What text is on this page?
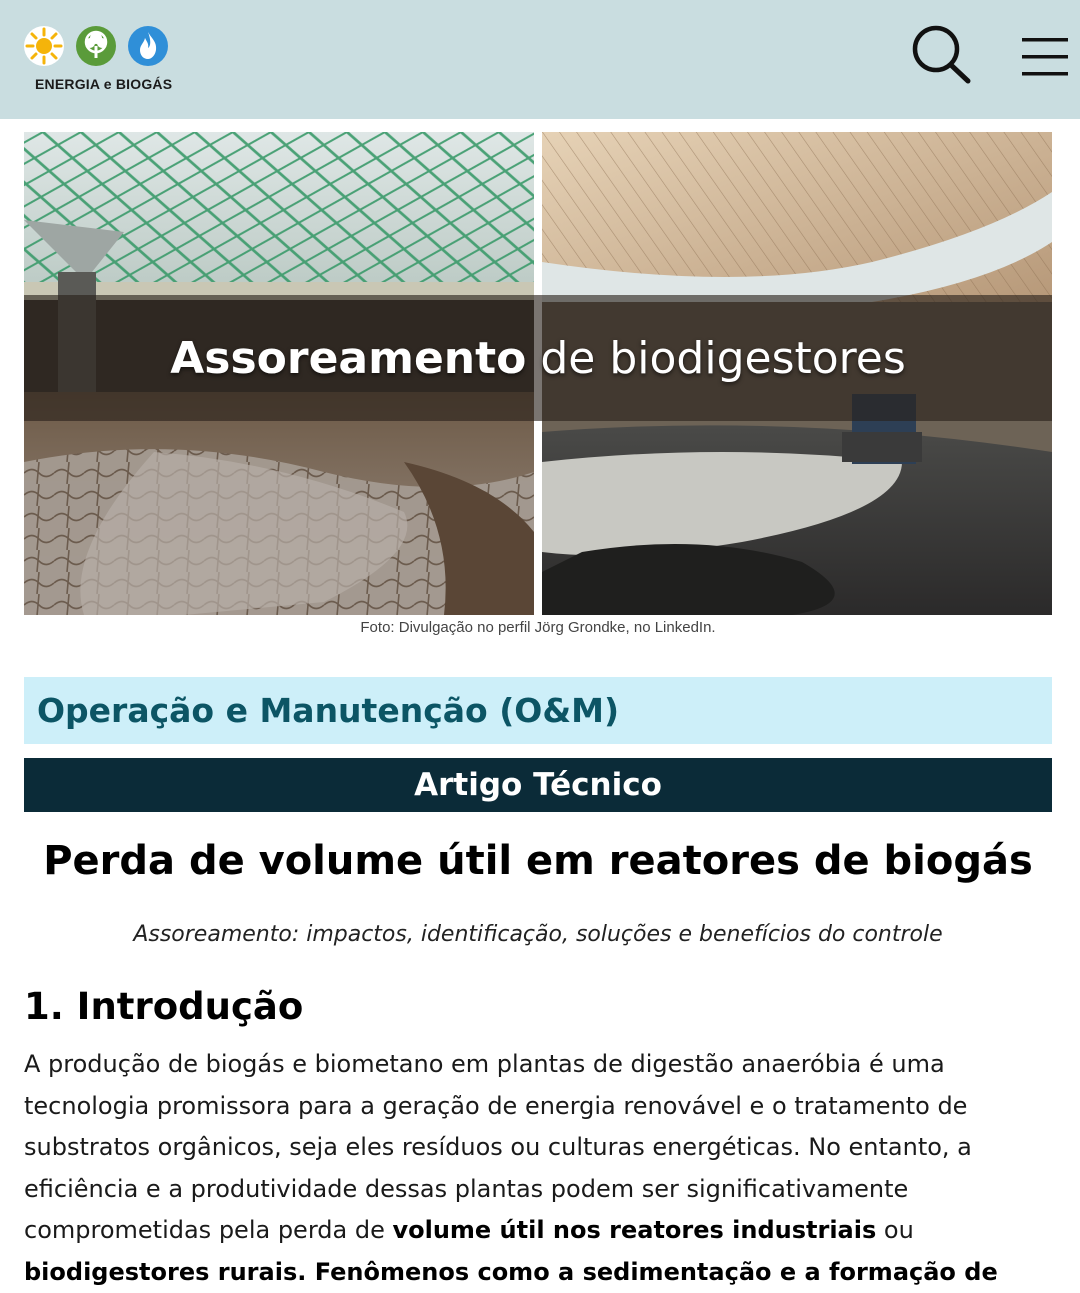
ENERGIA e BIOGÁS
Assoreamento de biodigestores
Foto: Divulgação no perfil Jörg Grondke, no LinkedIn.
Operação e Manutenção (O&M)
Artigo Técnico
Perda de volume útil em reatores de biogás
Assoreamento: impactos, identificação, soluções e benefícios do controle
1. Introdução

A produção de biogás e biometano em plantas de digestão anaeróbia é uma tecnologia promissora para a geração de energia renovável e o tratamento de substratos orgânicos, seja eles resíduos ou culturas energéticas. No entanto, a eficiência e a produtividade dessas plantas podem ser significativamente comprometidas pela perda de volume útil nos reatores industriais ou
biodigestores rurais. Fenômenos como a sedimentação e a formação de
